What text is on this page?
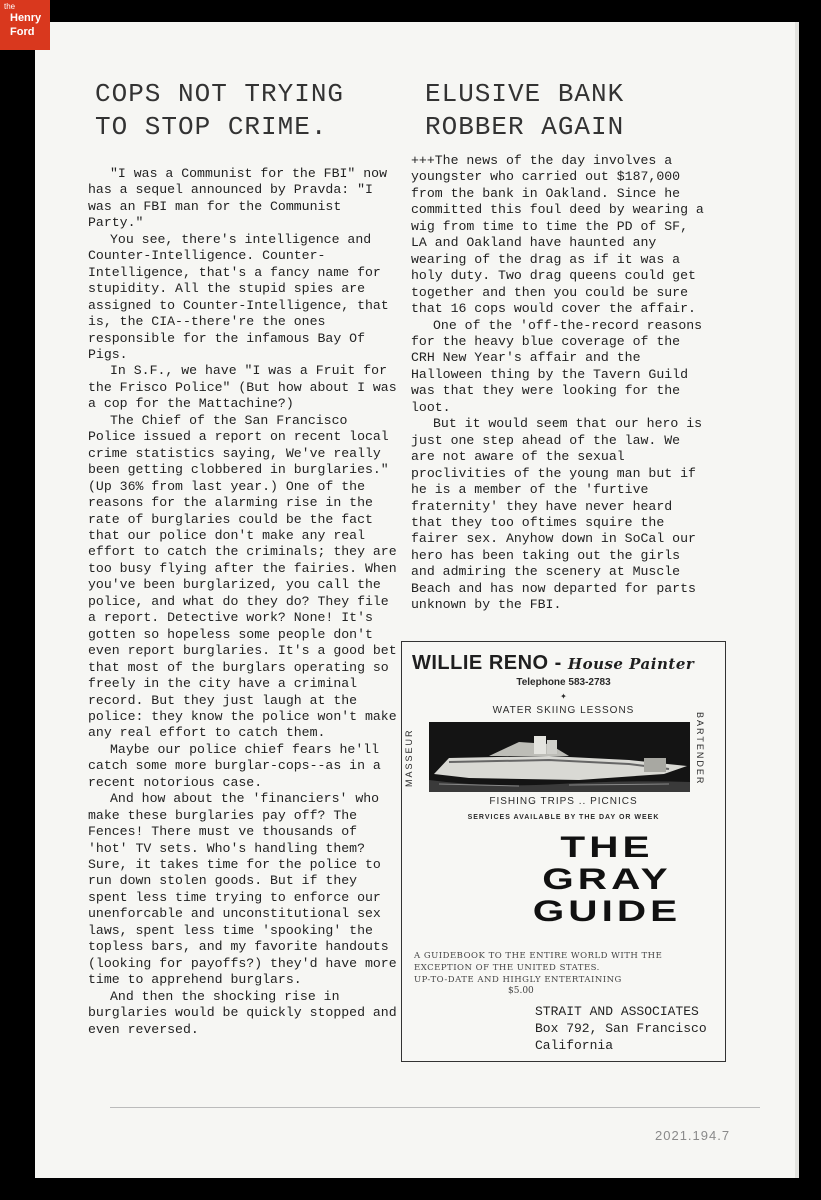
the
Henry
Ford
COPS NOT TRYING
TO STOP CRIME.
ELUSIVE BANK
ROBBER AGAIN

"I was a Communist for the FBI" now has a sequel announced by Pravda: "I was an FBI man for the Communist Party."

You see, there's intelligence and Counter-Intelligence. Counter-Intelligence, that's a fancy name for stupidity. All the stupid spies are assigned to Counter-Intelligence, that is, the CIA--there're the ones responsible for the infamous Bay Of Pigs.

In S.F., we have "I was a Fruit for the Frisco Police" (But how about I was a cop for the Mattachine?)

The Chief of the San Francisco Police issued a report on recent local crime statistics saying, We've really been getting clobbered in burglaries." (Up 36% from last year.) One of the reasons for the alarming rise in the rate of burglaries could be the fact that our police don't make any real effort to catch the criminals; they are too busy flying after the fairies. When you've been burglarized, you call the police, and what do they do? They file a report. Detective work? None! It's gotten so hopeless some people don't even report burglaries. It's a good bet that most of the burglars operating so freely in the city have a criminal record. But they just laugh at the police: they know the police won't make any real effort to catch them.

Maybe our police chief fears he'll catch some more burglar-cops--as in a recent notorious case.

And how about the 'financiers' who make these burglaries pay off? The Fences! There must ve thousands of 'hot' TV sets. Who's handling them? Sure, it takes time for the police to run down stolen goods. But if they spent less time trying to enforce our unenforcable and unconstitutional sex laws, spent less time 'spooking' the topless bars, and my favorite handouts (looking for payoffs?) they'd have more time to apprehend burglars.

And then the shocking rise in burglaries would be quickly stopped and even reversed.

+++The news of the day involves a youngster who carried out $187,000 from the bank in Oakland. Since he committed this foul deed by wearing a wig from time to time the PD of SF, LA and Oakland have haunted any wearing of the drag as if it was a holy duty. Two drag queens could get together and then you could be sure that 16 cops would cover the affair.

One of the 'off-the-record reasons for the heavy blue coverage of the CRH New Year's affair and the Halloween thing by the Tavern Guild was that they were looking for the loot.

But it would seem that our hero is just one step ahead of the law. We are not aware of the sexual proclivities of the young man but if he is a member of the 'furtive fraternity' they have never heard that they too oftimes squire the fairer sex. Anyhow down in SoCal our hero has been taking out the girls and admiring the scenery at Muscle Beach and has now departed for parts unknown by the FBI.

WILLIE RENO - House Painter
Telephone 583-2783
✦
WATER SKIING LESSONS
MASSEUR	BARTENDER
FISHING TRIPS .. PICNICS
SERVICES AVAILABLE BY THE DAY OR WEEK
THE
GRAY
GUIDE
A GUIDEBOOK TO THE ENTIRE WORLD WITH THE
EXCEPTION OF THE UNITED STATES.
UP-TO-DATE AND HIHGLY ENTERTAINING
$5.00
STRAIT AND ASSOCIATES
Box 792, San Francisco
California
2021.194.7
